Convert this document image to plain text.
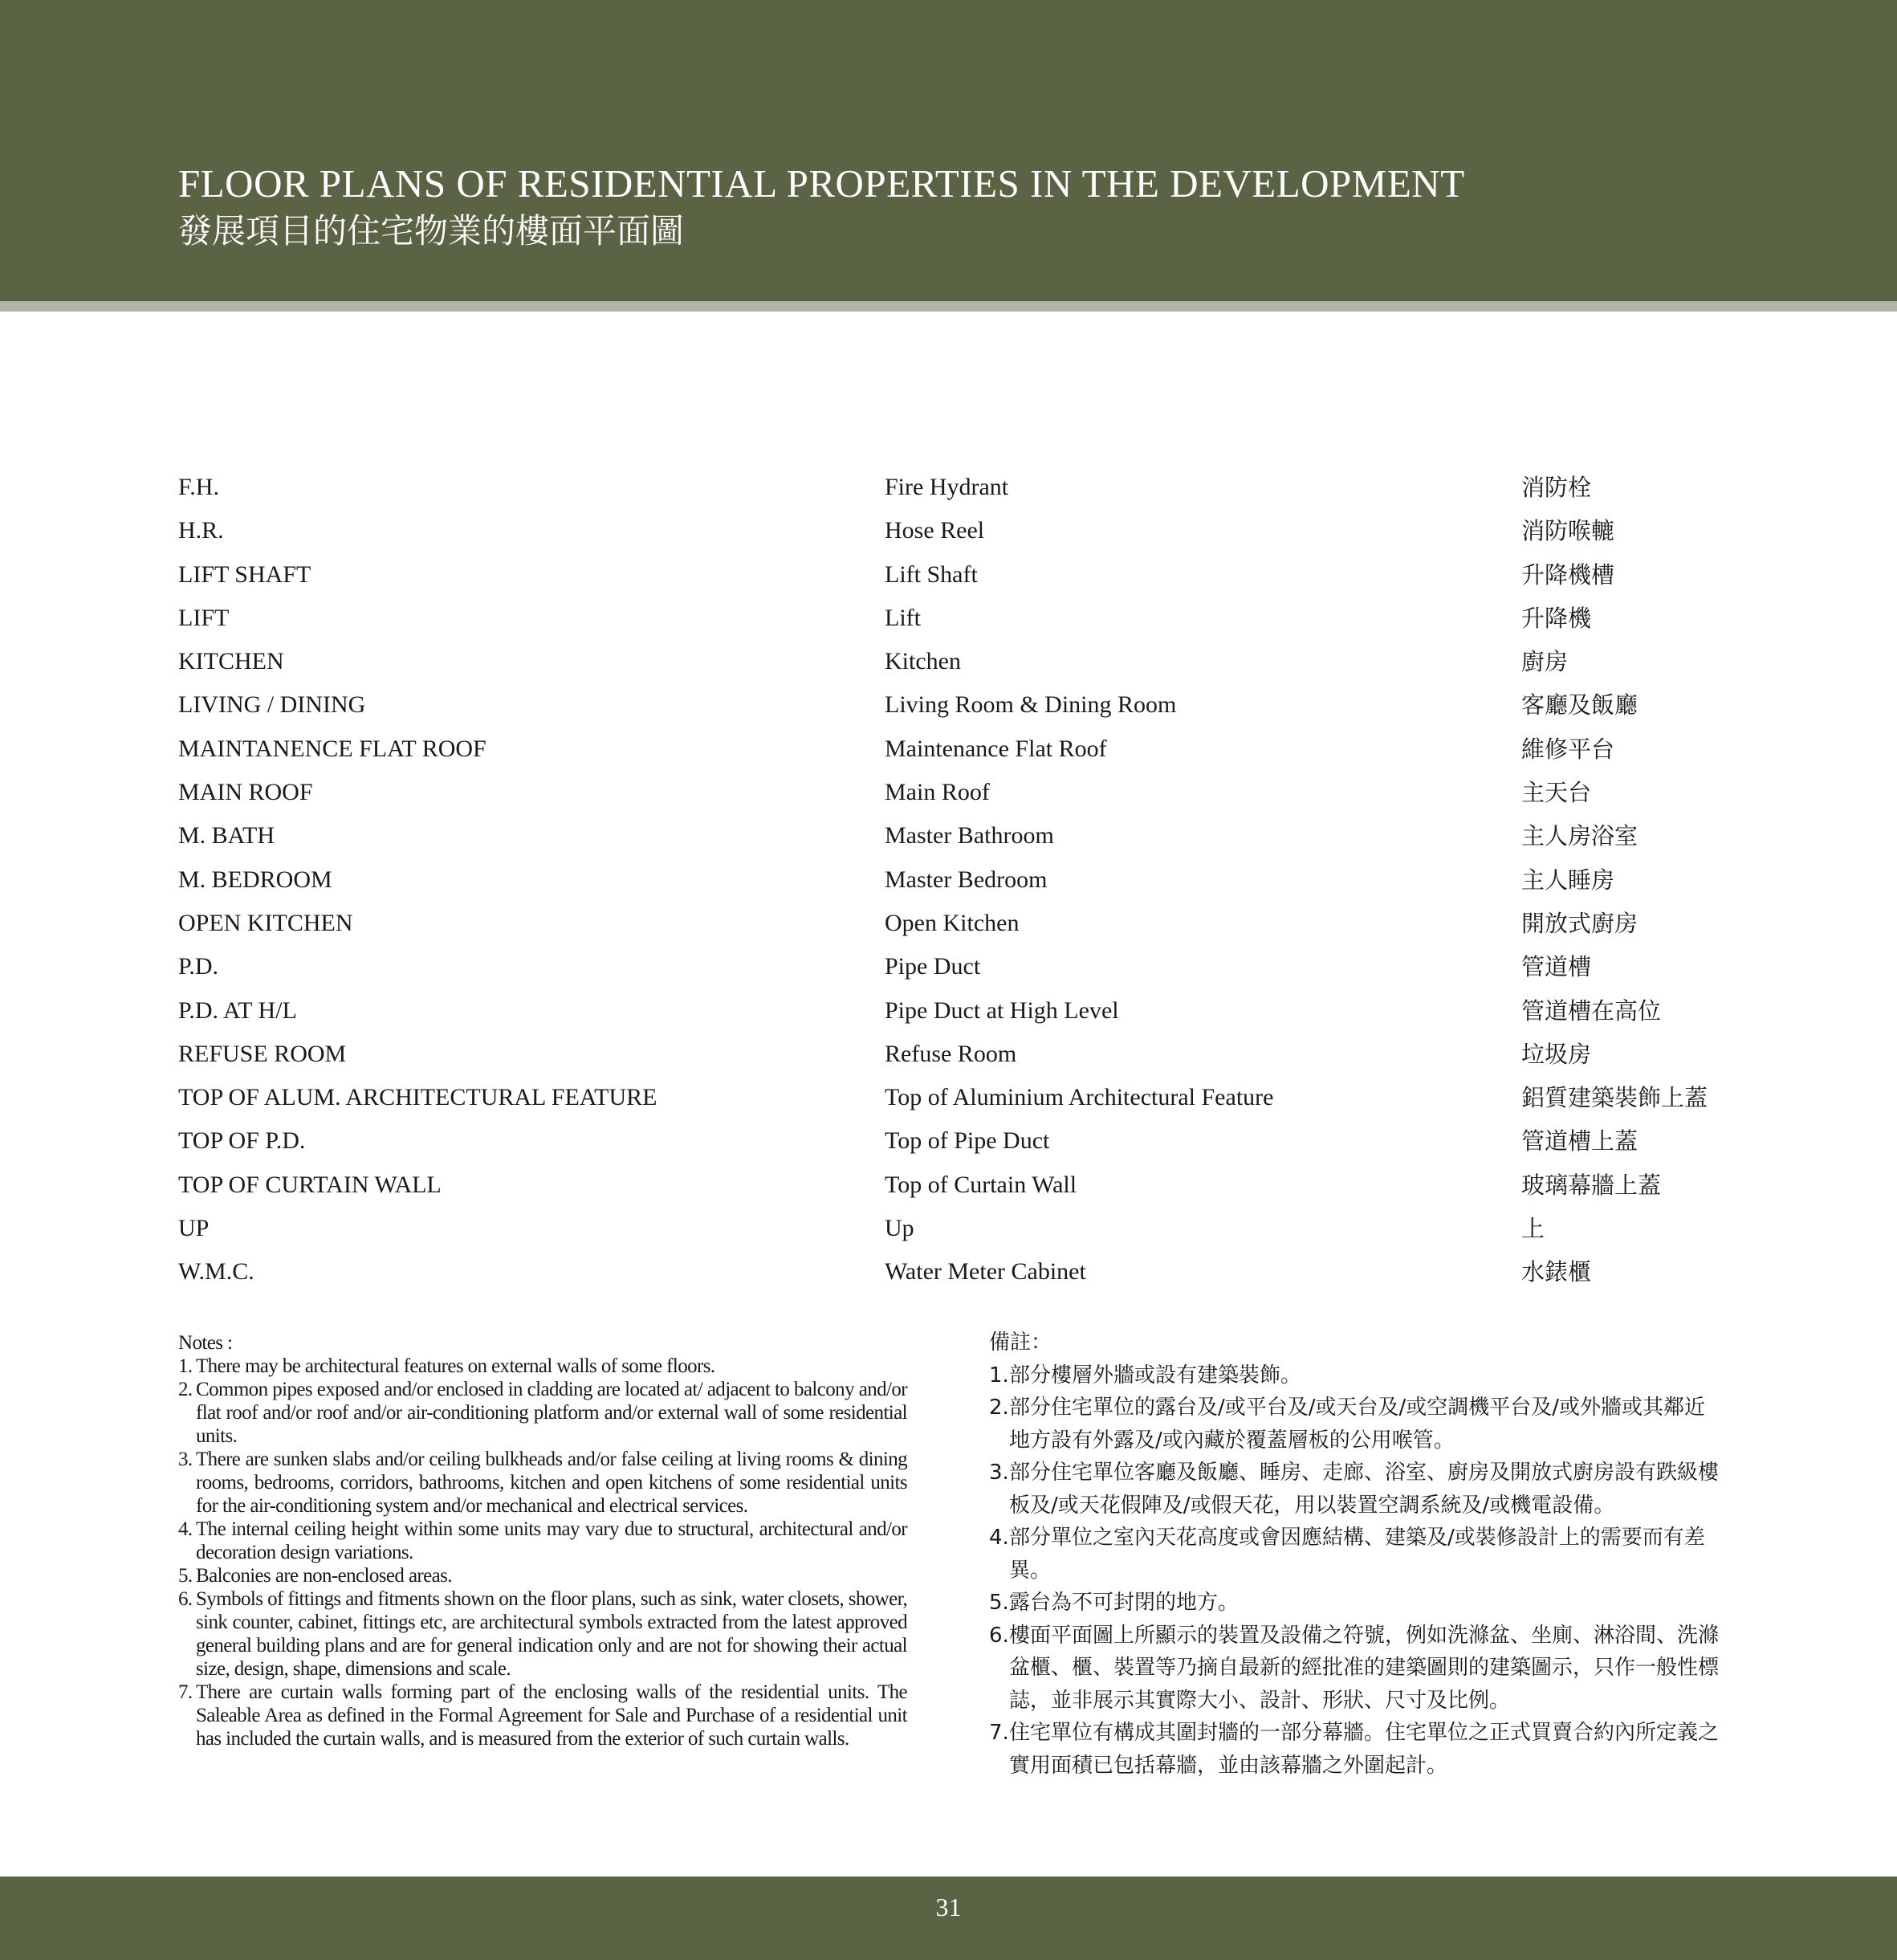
FLOOR PLANS OF RESIDENTIAL PROPERTIES IN THE DEVELOPMENT
發展項目的住宅物業的樓面平面圖
F.H.	Fire Hydrant	消防栓
H.R.	Hose Reel	消防喉轆
LIFT SHAFT	Lift Shaft	升降機槽
LIFT	Lift	升降機
KITCHEN	Kitchen	廚房
LIVING / DINING	Living Room & Dining Room	客廳及飯廳
MAINTANENCE FLAT ROOF	Maintenance Flat Roof	維修平台
MAIN ROOF	Main Roof	主天台
M. BATH	Master Bathroom	主人房浴室
M. BEDROOM	Master Bedroom	主人睡房
OPEN KITCHEN	Open Kitchen	開放式廚房
P.D.	Pipe Duct	管道槽
P.D. AT H/L	Pipe Duct at High Level	管道槽在高位
REFUSE ROOM	Refuse Room	垃圾房
TOP OF ALUM. ARCHITECTURAL FEATURE	Top of Aluminium Architectural Feature	鋁質建築裝飾上蓋
TOP OF P.D.	Top of Pipe Duct	管道槽上蓋
TOP OF CURTAIN WALL	Top of Curtain Wall	玻璃幕牆上蓋
UP	Up	上
W.M.C.	Water Meter Cabinet	水錶櫃
Notes :
1. There may be architectural features on external walls of some floors.
2. Common pipes exposed and/or enclosed in cladding are located at/ adjacent to balcony and/or flat roof and/or roof and/or air-conditioning platform and/or external wall of some residential units.
3. There are sunken slabs and/or ceiling bulkheads and/or false ceiling at living rooms & dining rooms, bedrooms, corridors, bathrooms, kitchen and open kitchens of some residential units for the air-conditioning system and/or mechanical and electrical services.
4. The internal ceiling height within some units may vary due to structural, architectural and/or decoration design variations.
5. Balconies are non-enclosed areas.
6. Symbols of fittings and fitments shown on the floor plans, such as sink, water closets, shower, sink counter, cabinet, fittings etc, are architectural symbols extracted from the latest approved general building plans and are for general indication only and are not for showing their actual size, design, shape, dimensions and scale.
7. There are curtain walls forming part of the enclosing walls of the residential units. The Saleable Area as defined in the Formal Agreement for Sale and Purchase of a residential unit has included the curtain walls, and is measured from the exterior of such curtain walls.
備註：
1. 部分樓層外牆或設有建築裝飾。
2. 部分住宅單位的露台及/或平台及/或天台及/或空調機平台及/或外牆或其鄰近地方設有外露及/或內藏於覆蓋層板的公用喉管。
3. 部分住宅單位客廳及飯廳、睡房、走廊、浴室、廚房及開放式廚房設有跌級樓板及/或天花假陣及/或假天花，用以裝置空調系統及/或機電設備。
4. 部分單位之室內天花高度或會因應結構、建築及/或裝修設計上的需要而有差異。
5. 露台為不可封閉的地方。
6. 樓面平面圖上所顯示的裝置及設備之符號，例如洗滌盆、坐廁、淋浴間、洗滌盆櫃、櫃、裝置等乃摘自最新的經批准的建築圖則的建築圖示，只作一般性標誌，並非展示其實際大小、設計、形狀、尺寸及比例。
7. 住宅單位有構成其圍封牆的一部分幕牆。住宅單位之正式買賣合約內所定義之實用面積已包括幕牆，並由該幕牆之外圍起計。
31
